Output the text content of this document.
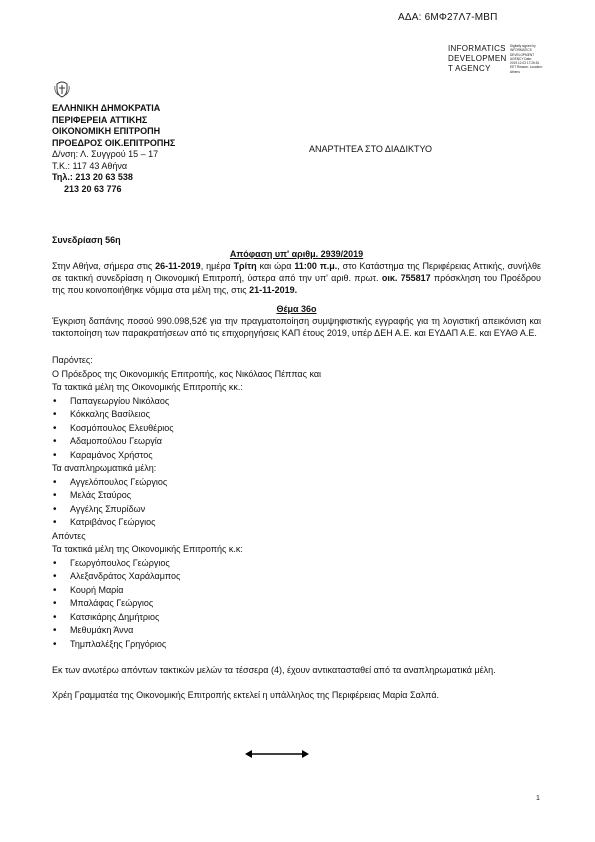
ΑΔΑ: 6ΜΦ27Λ7-ΜΒΠ
INFORMATICS DEVELOPMEN T AGENCY
Digitally signed by INFORMATICS DEVELOPMENT AGENCY Date: 2019.12.03 17:26:51 EET Reason: Location: Athens
ΕΛΛΗΝΙΚΗ ΔΗΜΟΚΡΑΤΙΑ
ΠΕΡΙΦΕΡΕΙΑ ΑΤΤΙΚΗΣ
ΟΙΚΟΝΟΜΙΚΗ ΕΠΙΤΡΟΠΗ
ΠΡΟΕΔΡΟΣ ΟΙΚ.ΕΠΙΤΡΟΠΗΣ
Δ/νση: Λ. Συγγρού 15 – 17
Τ.Κ.: 117 43 Αθήνα
Τηλ.: 213 20 63 538
213 20 63 776
ΑΝΑΡΤΗΤΕΑ ΣΤΟ ΔΙΑΔΙΚΤΥΟ

Συνεδρίαση 56η

Απόφαση υπ' αριθμ. 2939/2019

Στην Αθήνα, σήμερα στις 26-11-2019, ημέρα Τρίτη και ώρα 11:00 π.μ., στο Κατάστημα της Περιφέρειας Αττικής, συνήλθε σε τακτική συνεδρίαση η Οικονομική Επιτροπή, ύστερα από την υπ' αριθ. πρωτ. οικ. 755817 πρόσκληση του Προέδρου της που κοινοποιήθηκε νόμιμα στα μέλη της, στις 21-11-2019.

Θέμα 36ο

Έγκριση δαπάνης ποσού 990.098,52€ για την πραγματοποίηση συμψηφιστικής εγγραφής για τη λογιστική απεικόνιση και τακτοποίηση των παρακρατήσεων από τις επιχορηγήσεις ΚΑΠ έτους 2019, υπέρ ΔΕΗ Α.Ε. και ΕΥΔΑΠ Α.Ε. και ΕΥΑΘ Α.Ε.

Παρόντες:
Ο Πρόεδρος της Οικονομικής Επιτροπής, κος Νικόλαος Πέππας και
Τα τακτικά μέλη της Οικονομικής Επιτροπής κκ.:
• Παπαγεωργίου Νικόλαος
• Κόκκαλης Βασίλειος
• Κοσμόπουλος Ελευθέριος
• Αδαμοπούλου Γεωργία
• Καραμάνος Χρήστος
Τα αναπληρωματικά μέλη:
• Αγγελόπουλος Γεώργιος
• Μελάς Σταύρος
• Αγγέλης Σπυρίδων
• Κατριβάνος Γεώργιος
Απόντες
Τα τακτικά μέλη της Οικονομικής Επιτροπής κ.κ:
• Γεωργόπουλος Γεώργιος
• Αλεξανδράτος Χαράλαμπος
• Κουρή Μαρία
• Μπαλάφας Γεώργιος
• Κατσικάρης Δημήτριος
• Μεθυμάκη Άννα
• Τημπλαλέξης Γρηγόριος

Εκ των ανωτέρω απόντων τακτικών μελών τα τέσσερα (4), έχουν αντικατασταθεί από τα αναπληρωματικά μέλη.

Χρέη Γραμματέα της Οικονομικής Επιτροπής εκτελεί η υπάλληλος της Περιφέρειας Μαρία Σαλπά.

1
